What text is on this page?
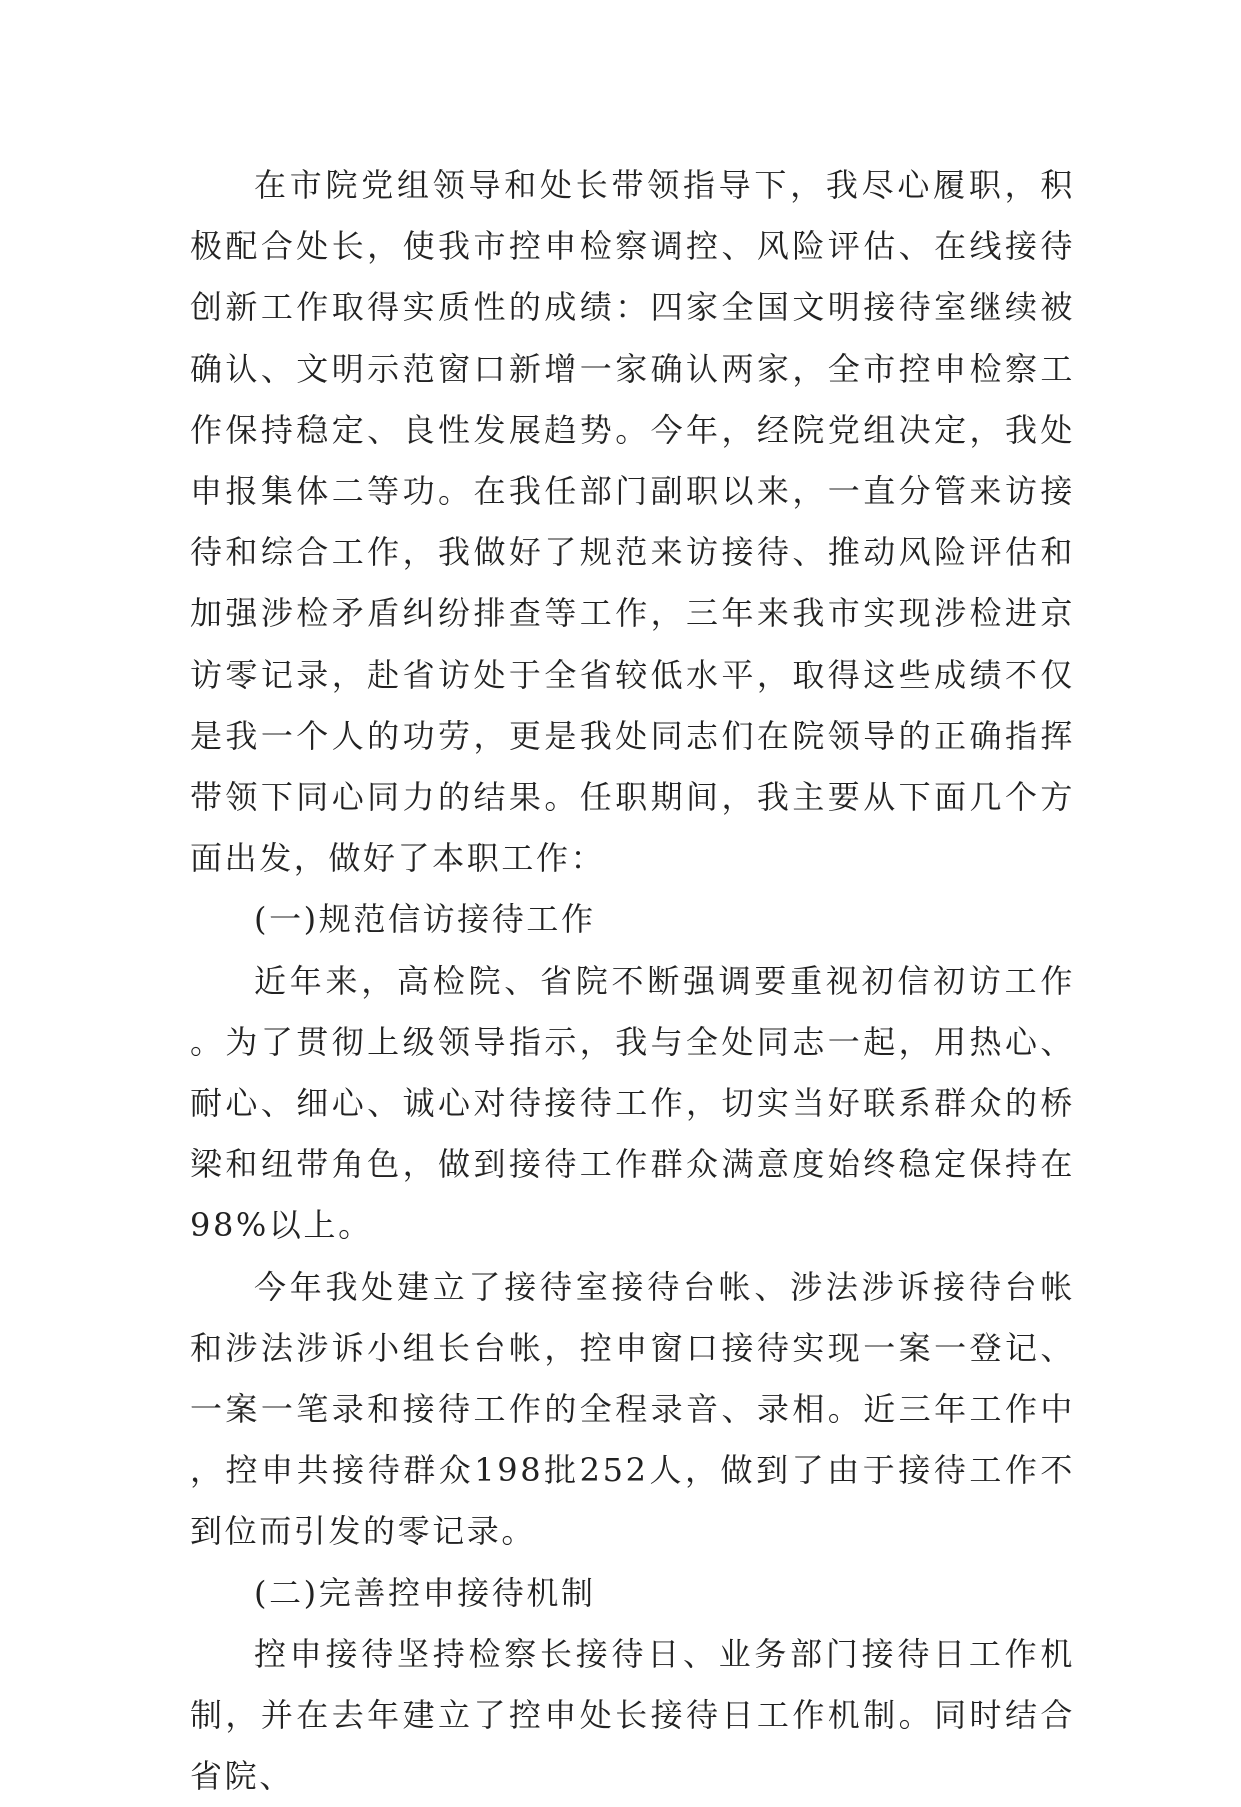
在市院党组领导和处长带领指导下，我尽心履职，积极配合处长，使我市控申检察调控、风险评估、在线接待创新工作取得实质性的成绩：四家全国文明接待室继续被确认、文明示范窗口新增一家确认两家，全市控申检察工作保持稳定、良性发展趋势。今年，经院党组决定，我处申报集体二等功。在我任部门副职以来，一直分管来访接待和综合工作，我做好了规范来访接待、推动风险评估和加强涉检矛盾纠纷排查等工作，三年来我市实现涉检进京访零记录，赴省访处于全省较低水平，取得这些成绩不仅是我一个人的功劳，更是我处同志们在院领导的正确指挥带领下同心同力的结果。任职期间，我主要从下面几个方面出发，做好了本职工作：

(一)规范信访接待工作

近年来，高检院、省院不断强调要重视初信初访工作。为了贯彻上级领导指示，我与全处同志一起，用热心、耐心、细心、诚心对待接待工作，切实当好联系群众的桥梁和纽带角色，做到接待工作群众满意度始终稳定保持在98%以上。

今年我处建立了接待室接待台帐、涉法涉诉接待台帐和涉法涉诉小组长台帐，控申窗口接待实现一案一登记、一案一笔录和接待工作的全程录音、录相。近三年工作中，控申共接待群众198批252人，做到了由于接待工作不到位而引发的零记录。

(二)完善控申接待机制

控申接待坚持检察长接待日、业务部门接待日工作机制，并在去年建立了控申处长接待日工作机制。同时结合省院、
